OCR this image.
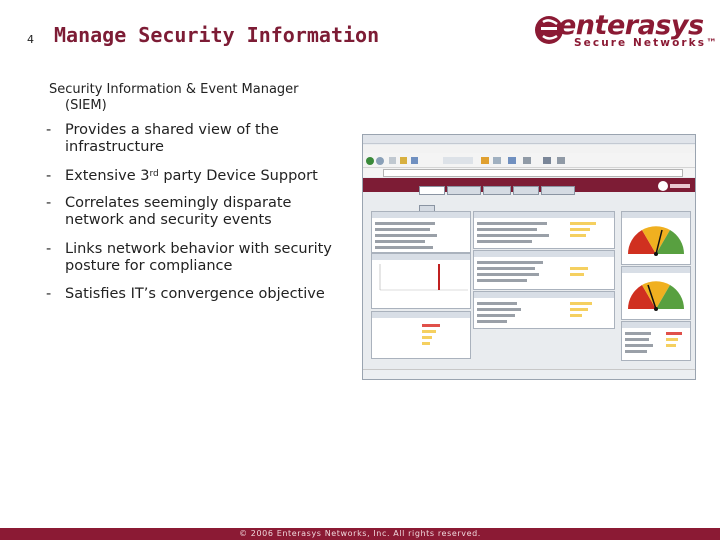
4 Manage Security Information	enterasys
Secure Networks™
Security Information & Event Manager
(SIEM)
- Provides a shared view of the
infrastructure
- Extensive 3rd party Device Support
- Correlates seemingly disparate
network and security events
- Links network behavior with security
posture for compliance
- Satisfies IT’s convergence objective
© 2006 Enterasys Networks, Inc. All rights reserved.
